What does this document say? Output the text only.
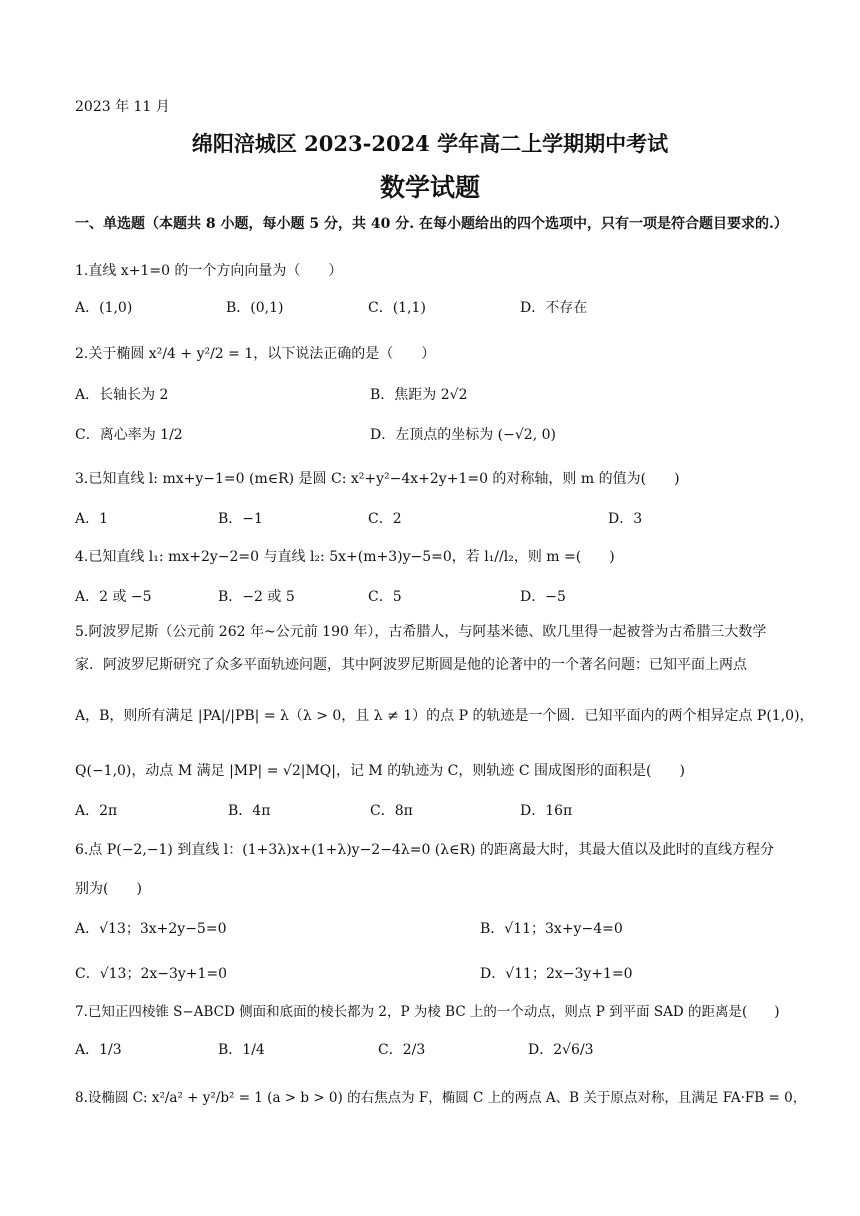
2023 年 11 月
绵阳涪城区 2023-2024 学年高二上学期期中考试
数学试题
一、单选题（本题共 8 小题，每小题 5 分，共 40 分. 在每小题给出的四个选项中，只有一项是符合题目要求的.）
1.直线 x+1=0 的一个方向向量为（　　）
A．(1,0)	B．(0,1)	C．(1,1)	D．不存在
2.关于椭圆 x²/4 + y²/2 = 1，以下说法正确的是（　　）
A．长轴长为 2	B．焦距为 2√2
C．离心率为 1/2	D．左顶点的坐标为 (−√2, 0)
3.已知直线 l: mx+y−1=0 (m∈R) 是圆 C: x²+y²−4x+2y+1=0 的对称轴，则 m 的值为(　　)
A．1	B．−1	C．2	D．3
4.已知直线 l₁: mx+2y−2=0 与直线 l₂: 5x+(m+3)y−5=0，若 l₁//l₂，则 m =(　　)
A．2 或 −5	B．−2 或 5	C．5	D．−5
5.阿波罗尼斯（公元前 262 年~公元前 190 年），古希腊人，与阿基米德、欧几里得一起被誉为古希腊三大数学
家．阿波罗尼斯研究了众多平面轨迹问题，其中阿波罗尼斯圆是他的论著中的一个著名问题：已知平面上两点
A，B，则所有满足 |PA|/|PB| = λ（λ > 0，且 λ ≠ 1）的点 P 的轨迹是一个圆．已知平面内的两个相异定点 P(1,0)，
Q(−1,0)，动点 M 满足 |MP| = √2|MQ|，记 M 的轨迹为 C，则轨迹 C 围成图形的面积是(　　)
A．2π	B．4π	C．8π	D．16π
6.点 P(−2,−1) 到直线 l：(1+3λ)x+(1+λ)y−2−4λ=0 (λ∈R) 的距离最大时，其最大值以及此时的直线方程分
别为(　　)
A．√13；3x+2y−5=0	B．√11；3x+y−4=0
C．√13；2x−3y+1=0	D．√11；2x−3y+1=0
7.已知正四棱锥 S−ABCD 侧面和底面的棱长都为 2，P 为棱 BC 上的一个动点，则点 P 到平面 SAD 的距离是(　　)
A．1/3	B．1/4	C．2/3	D．2√6/3
8.设椭圆 C: x²/a² + y²/b² = 1 (a > b > 0) 的右焦点为 F，椭圆 C 上的两点 A、B 关于原点对称，且满足 FA·FB = 0，
